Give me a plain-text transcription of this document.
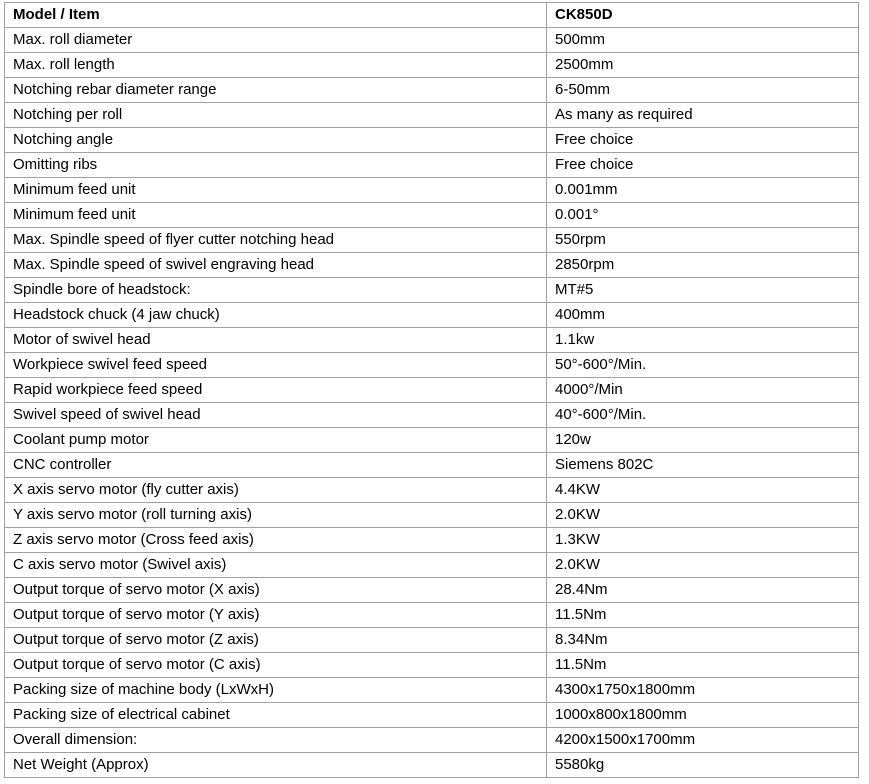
Model / Item	CK850D
Max. roll diameter	500mm
Max. roll length	2500mm
Notching rebar diameter range	6-50mm
Notching per roll	As many as required
Notching angle	Free choice
Omitting ribs	Free choice
Minimum feed unit	0.001mm
Minimum feed unit	0.001°
Max. Spindle speed of flyer cutter notching head	550rpm
Max. Spindle speed of swivel engraving head	2850rpm
Spindle bore of headstock:	MT#5
Headstock chuck (4 jaw chuck)	400mm
Motor of swivel head	1.1kw
Workpiece swivel feed speed	50°-600°/Min.
Rapid workpiece feed speed	4000°/Min
Swivel speed of swivel head	40°-600°/Min.
Coolant pump motor	120w
CNC controller	Siemens 802C
X axis servo motor (fly cutter axis)	4.4KW
Y axis servo motor (roll turning axis)	2.0KW
Z axis servo motor (Cross feed axis)	1.3KW
C axis servo motor (Swivel axis)	2.0KW
Output torque of servo motor (X axis)	28.4Nm
Output torque of servo motor (Y axis)	11.5Nm
Output torque of servo motor (Z axis)	8.34Nm
Output torque of servo motor (C axis)	11.5Nm
Packing size of machine body (LxWxH)	4300x1750x1800mm
Packing size of electrical cabinet	1000x800x1800mm
Overall dimension:	4200x1500x1700mm
Net Weight (Approx)	5580kg
